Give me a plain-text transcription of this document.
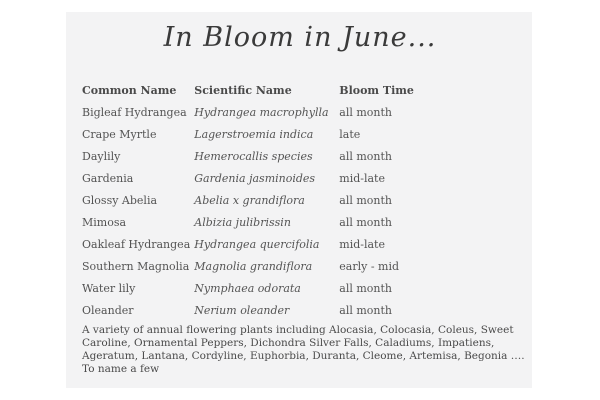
In Bloom in June...
Common Name	Scientific Name	Bloom Time
Bigleaf Hydrangea	Hydrangea macrophylla	all month
Crape Myrtle	Lagerstroemia indica	late
Daylily	Hemerocallis species	all month
Gardenia	Gardenia jasminoides	mid-late
Glossy Abelia	Abelia x grandiflora	all month
Mimosa	Albizia julibrissin	all month
Oakleaf Hydrangea	Hydrangea quercifolia	mid-late
Southern Magnolia	Magnolia grandiflora	early - mid
Water lily	Nymphaea odorata	all month
Oleander	Nerium oleander	all month
A variety of annual flowering plants including Alocasia, Colocasia, Coleus, Sweet Caroline, Ornamental Peppers, Dichondra Silver Falls, Caladiums, Impatiens, Ageratum, Lantana, Cordyline, Euphorbia, Duranta, Cleome, Artemisa, Begonia …. To name a few
